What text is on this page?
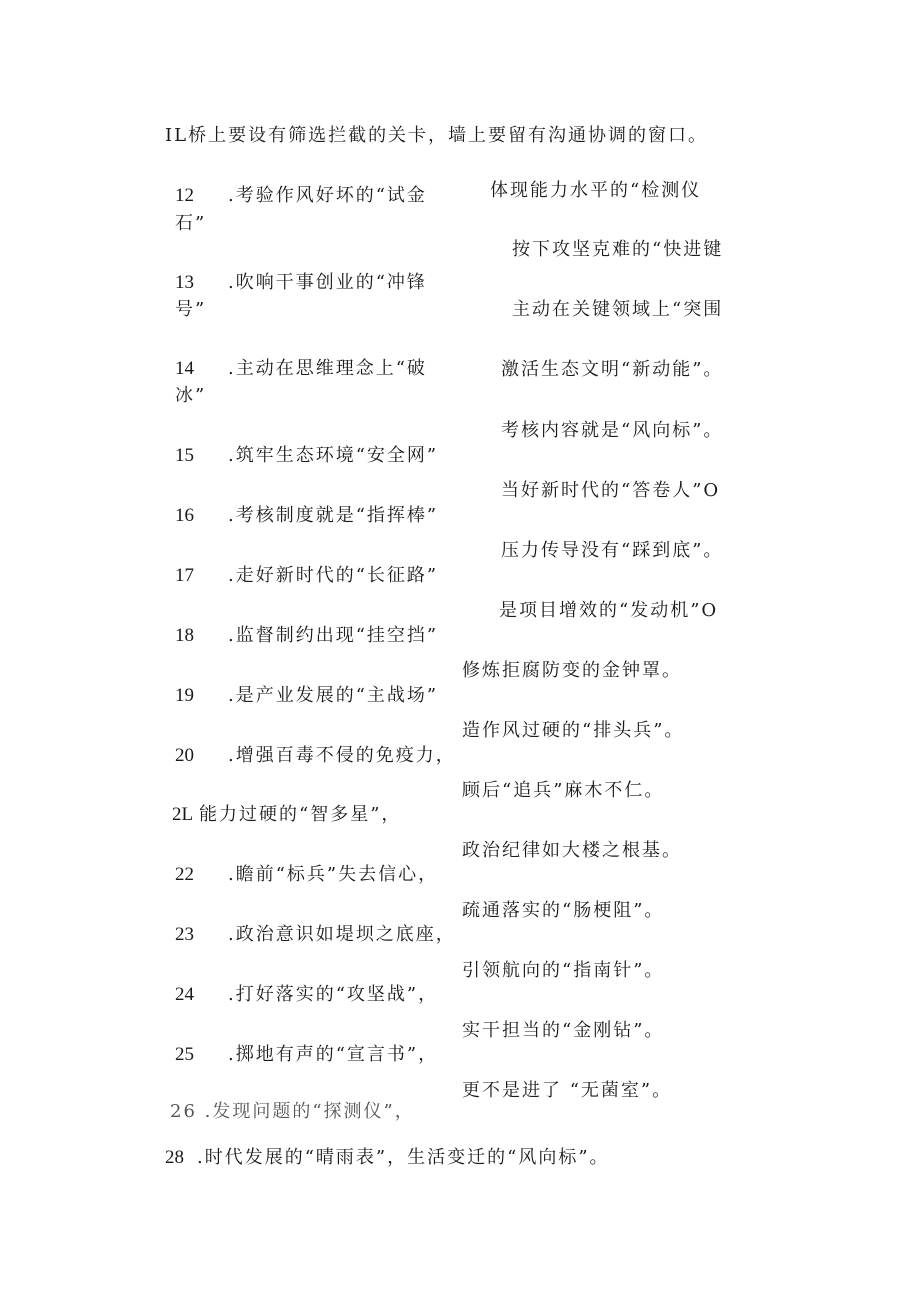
IL桥上要设有筛选拦截的关卡，墙上要留有沟通协调的窗口。
12 .考验作风好坏的“试金
石”
13 .吹响干事创业的“冲锋
号”
14 .主动在思维理念上“破
冰”
15 .筑牢生态环境“安全网”
16 .考核制度就是“指挥棒”
17 .走好新时代的“长征路”
18 .监督制约出现“挂空挡”
19 .是产业发展的“主战场”
20 .增强百毒不侵的免疫力，
2L 能力过硬的“智多星”，
22 .瞻前“标兵”失去信心，
23 .政治意识如堤坝之底座，
24 .打好落实的“攻坚战”，
25 .掷地有声的“宣言书”，
体现能力水平的“检测仪
按下攻坚克难的“快进键
主动在关键领域上“突围
激活生态文明“新动能”。
考核内容就是“风向标”。
当好新时代的“答卷人”O
压力传导没有“踩到底”。
是项目增效的“发动机”O
修炼拒腐防变的金钟罩。
造作风过硬的“排头兵”。
顾后“追兵”麻木不仁。
政治纪律如大楼之根基。
疏通落实的“肠梗阻”。
引领航向的“指南针”。
实干担当的“金刚钻”。
更不是进了 “无菌室”。
26 .发现问题的“探测仪”，
28 .时代发展的“晴雨表”，生活变迁的“风向标”。
